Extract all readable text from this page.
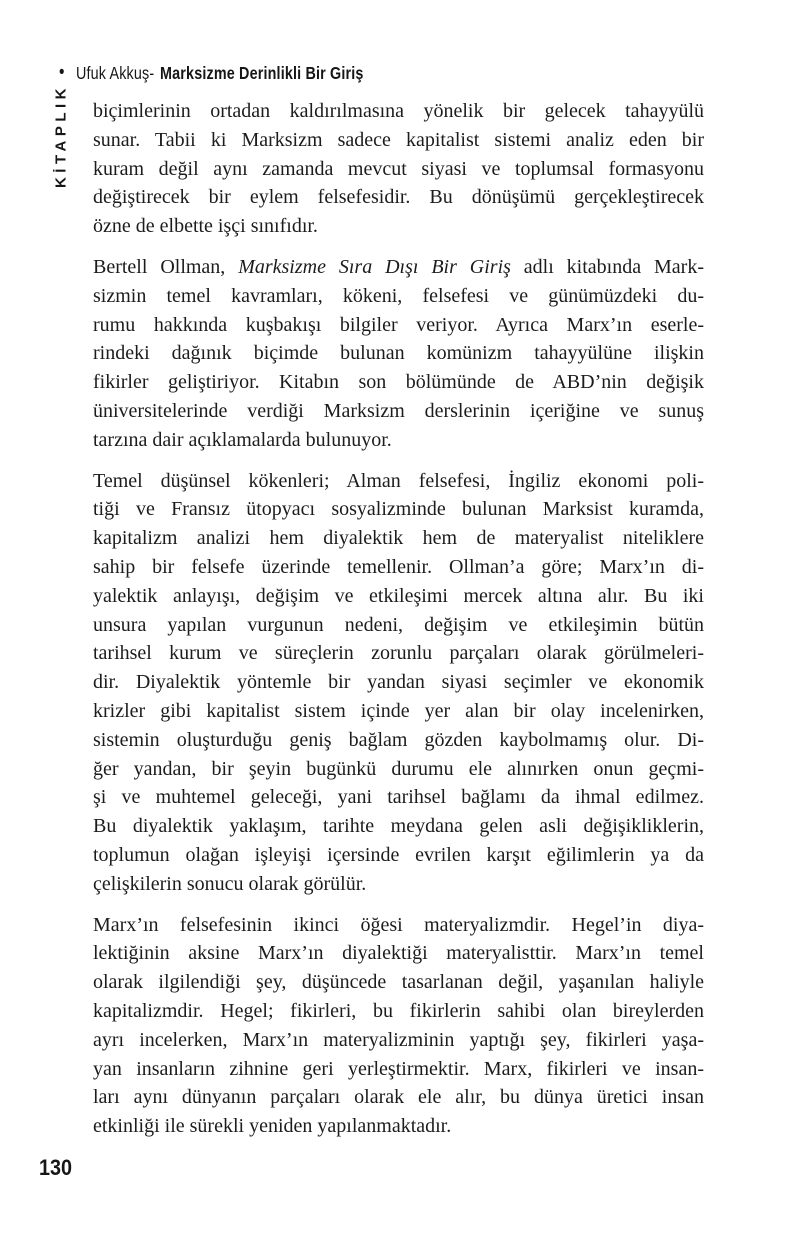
• Ufuk Akkuş- Marksizme Derinlikli Bir Giriş
KİTAPLIK biçimlerinin ortadan kaldırılmasına yönelik bir gelecek tahayyülü
sunar. Tabii ki Marksizm sadece kapitalist sistemi analiz eden bir
kuram değil aynı zamanda mevcut siyasi ve toplumsal formasyonu
değiştirecek bir eylem felsefesidir. Bu dönüşümü gerçekleştirecek
özne de elbette işçi sınıfıdır.

Bertell Ollman, Marksizme Sıra Dışı Bir Giriş adlı kitabında Mark-
sizmin temel kavramları, kökeni, felsefesi ve günümüzdeki du-
rumu hakkında kuşbakışı bilgiler veriyor. Ayrıca Marx’ın eserle-
rindeki dağınık biçimde bulunan komünizm tahayyülüne ilişkin
fikirler geliştiriyor. Kitabın son bölümünde de ABD’nin değişik
üniversitelerinde verdiği Marksizm derslerinin içeriğine ve sunuş
tarzına dair açıklamalarda bulunuyor.

Temel düşünsel kökenleri; Alman felsefesi, İngiliz ekonomi poli-
tiği ve Fransız ütopyacı sosyalizminde bulunan Marksist kuramda,
kapitalizm analizi hem diyalektik hem de materyalist niteliklere
sahip bir felsefe üzerinde temellenir. Ollman’a göre; Marx’ın di-
yalektik anlayışı, değişim ve etkileşimi mercek altına alır. Bu iki
unsura yapılan vurgunun nedeni, değişim ve etkileşimin bütün
tarihsel kurum ve süreçlerin zorunlu parçaları olarak görülmeleri-
dir. Diyalektik yöntemle bir yandan siyasi seçimler ve ekonomik
krizler gibi kapitalist sistem içinde yer alan bir olay incelenirken,
sistemin oluşturduğu geniş bağlam gözden kaybolmamış olur. Di-
ğer yandan, bir şeyin bugünkü durumu ele alınırken onun geçmi-
şi ve muhtemel geleceği, yani tarihsel bağlamı da ihmal edilmez.
Bu diyalektik yaklaşım, tarihte meydana gelen asli değişikliklerin,
toplumun olağan işleyişi içersinde evrilen karşıt eğilimlerin ya da
çelişkilerin sonucu olarak görülür.

Marx’ın felsefesinin ikinci öğesi materyalizmdir. Hegel’in diya-
lektiğinin aksine Marx’ın diyalektiği materyalisttir. Marx’ın temel
olarak ilgilendiği şey, düşüncede tasarlanan değil, yaşanılan haliyle
kapitalizmdir. Hegel; fikirleri, bu fikirlerin sahibi olan bireylerden
ayrı incelerken, Marx’ın materyalizminin yaptığı şey, fikirleri yaşa-
yan insanların zihnine geri yerleştirmektir. Marx, fikirleri ve insan-
ları aynı dünyanın parçaları olarak ele alır, bu dünya üretici insan
etkinliği ile sürekli yeniden yapılanmaktadır.

130
